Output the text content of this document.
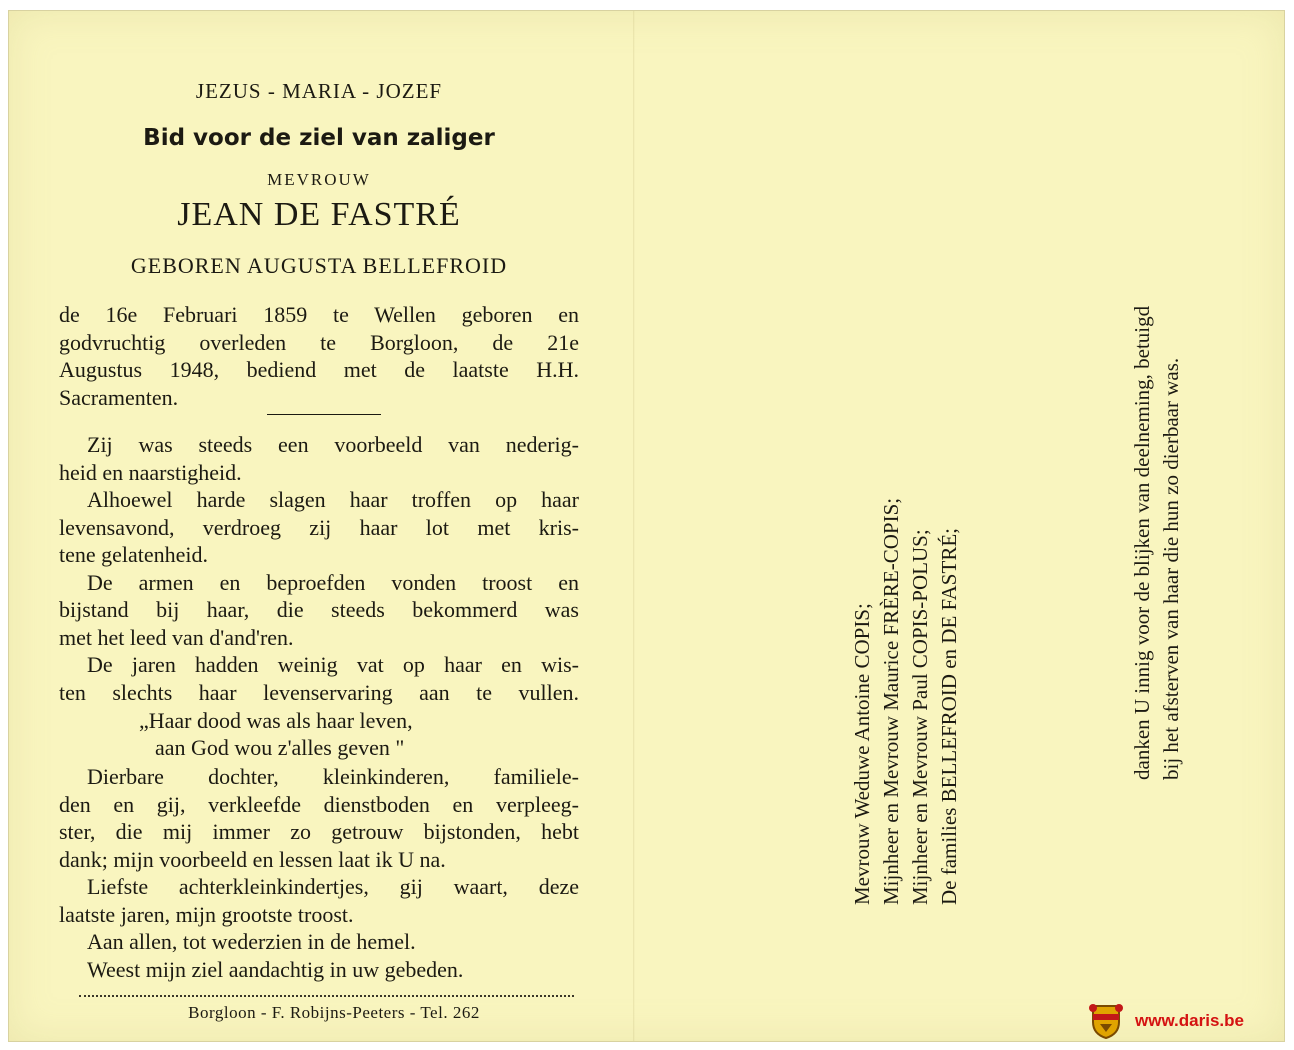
JEZUS - MARIA - JOZEF
Bid voor de ziel van zaliger
MEVROUW
JEAN DE FASTRÉ
GEBOREN AUGUSTA BELLEFROID

de 16e Februari 1859 te Wellen geboren en

godvruchtig overleden te Borgloon, de 21e

Augustus 1948, bediend met de laatste H.H.

Sacramenten.

Zij was steeds een voorbeeld van nederig-

heid en naarstigheid.

Alhoewel harde slagen haar troffen op haar

levensavond, verdroeg zij haar lot met kris-

tene gelatenheid.

De armen en beproefden vonden troost en

bijstand bij haar, die steeds bekommerd was

met het leed van d'and'ren.

De jaren hadden weinig vat op haar en wis-

ten slechts haar levenservaring aan te vullen.

„Haar dood was als haar leven,
aan God wou z'alles geven "

Dierbare dochter, kleinkinderen, familiele-

den en gij, verkleefde dienstboden en verpleeg-

ster, die mij immer zo getrouw bijstonden, hebt

dank; mijn voorbeeld en lessen laat ik U na.

Liefste achterkleinkindertjes, gij waart, deze

laatste jaren, mijn grootste troost.

Aan allen, tot wederzien in de hemel.

Weest mijn ziel aandachtig in uw gebeden.

Borgloon - F. Robijns-Peeters - Tel. 262
Mevrouw Weduwe Antoine COPIS; Mijnheer en Mevrouw Maurice FRÈRE-COPIS; Mijnheer en Mevrouw Paul COPIS-POLUS; De families BELLEFROID en DE FASTRÉ;	danken U innig voor de blijken van deelneming, betuigd bij het afsterven van haar die hun zo dierbaar was.
www.daris.be
